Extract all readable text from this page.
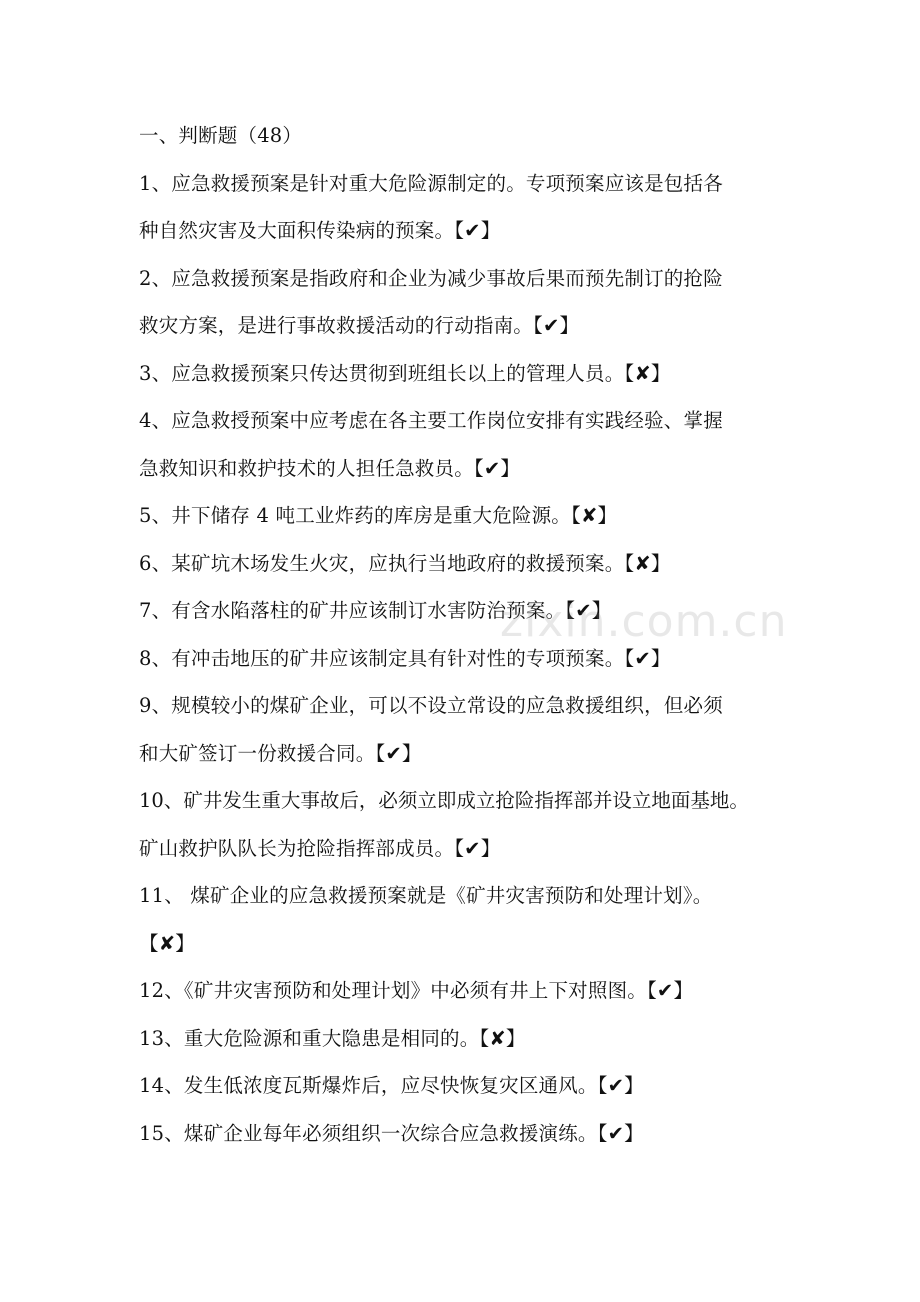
一、判断题（48）
1、应急救援预案是针对重大危险源制定的。专项预案应该是包括各
种自然灾害及大面积传染病的预案。【✔】
2、应急救援预案是指政府和企业为减少事故后果而预先制订的抢险
救灾方案，是进行事故救援活动的行动指南。【✔】
3、应急救援预案只传达贯彻到班组长以上的管理人员。【✘】
4、应急救授预案中应考虑在各主要工作岗位安排有实践经验、掌握
急救知识和救护技术的人担任急救员。【✔】
5、井下储存 4 吨工业炸药的库房是重大危险源。【✘】
6、某矿坑木场发生火灾，应执行当地政府的救援预案。【✘】
7、有含水陷落柱的矿井应该制订水害防治预案。【✔】
8、有冲击地压的矿井应该制定具有针对性的专项预案。【✔】
9、规模较小的煤矿企业，可以不设立常设的应急救援组织，但必须
和大矿签订一份救援合同。【✔】
10、矿井发生重大事故后，必须立即成立抢险指挥部并设立地面基地。
矿山救护队队长为抢险指挥部成员。【✔】
11、 煤矿企业的应急救援预案就是《矿井灾害预防和处理计划》。
【✘】
12、《矿井灾害预防和处理计划》中必须有井上下对照图。【✔】
13、重大危险源和重大隐患是相同的。【✘】
14、发生低浓度瓦斯爆炸后，应尽快恢复灾区通风。【✔】
15、煤矿企业每年必须组织一次综合应急救援演练。【✔】
zixin.com.cn
